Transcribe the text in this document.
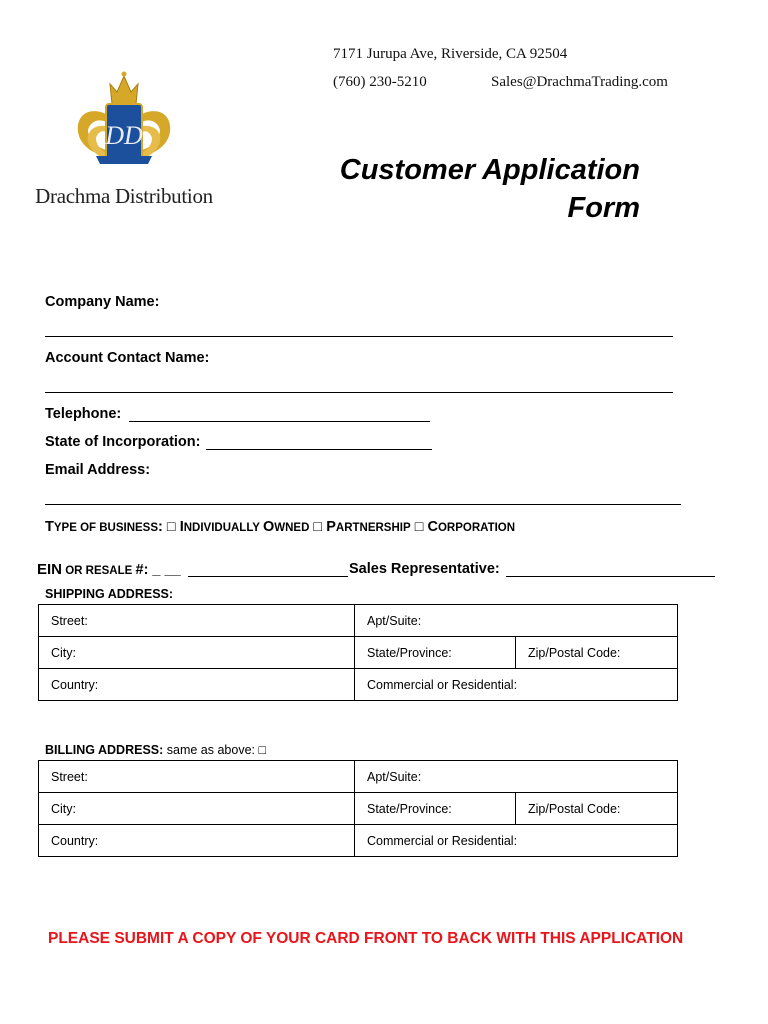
DD
Drachma Distribution
7171 Jurupa Ave, Riverside, CA 92504
(760) 230-5210	Sales@DrachmaTrading.com
Customer Application
Form
Company Name:
Account Contact Name:
Telephone:
State of Incorporation:
Email Address:
TYPE OF BUSINESS: □ INDIVIDUALLY OWNED □ PARTNERSHIP □ CORPORATION
EIN OR RESALE #: _ __	Sales Representative:
SHIPPING ADDRESS:
Street:	Apt/Suite:	
City:	State/Province:	Zip/Postal Code:
Country:	Commercial or Residential:	
BILLING ADDRESS: same as above: □
Street:	Apt/Suite:	
City:	State/Province:	Zip/Postal Code:
Country:	Commercial or Residential:	
PLEASE SUBMIT A COPY OF YOUR CARD FRONT TO BACK WITH THIS APPLICATION
